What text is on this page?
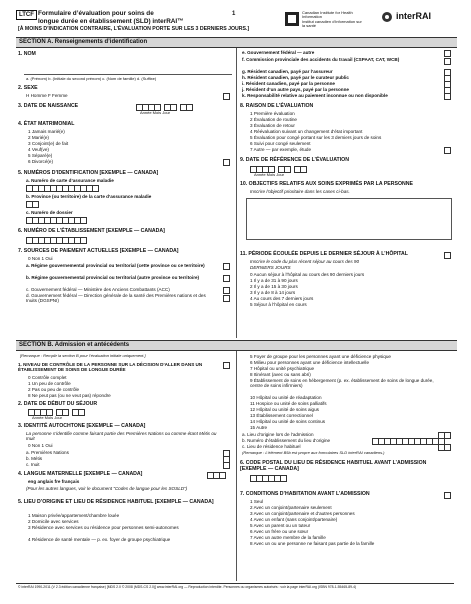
LTCF Formulaire d’évaluation pour soins de
longue durée en établissement (SLD) interRAI™
[À MOINS D’INDICATION CONTRAIRE, L’ÉVALUATION PORTE SUR LES 3 DERNIERS JOURS.]
1	Canadian Institute for Health Information
Institut canadien d’information sur la santé
interRAI
SECTION A. Renseignements d’identification
1. NOM
a. (Prénom) b. (Initiale du second prénom) c. (Nom de famille) d. (Suffixe)
2. SEXE
H Homme F Femme
3. DATE DE NAISSANCE
Année Mois Jour
4. ÉTAT MATRIMONIAL
1 Jamais marié(e)
2 Marié(e)
3 Conjoint(e) de fait
4 Veuf(ve)
5 Séparé(e)
6 Divorcé(e)
5. NUMÉROS D’IDENTIFICATION [EXEMPLE — CANADA]
a. Numéro de carte d’assurance maladie
b. Province (ou territoire) de la carte d’assurance maladie
c. Numéro de dossier
6. NUMÉRO DE L’ÉTABLISSEMENT [EXEMPLE — CANADA]
7. SOURCES DE PAIEMENT ACTUELLES [EXEMPLE — CANADA]
0 Non 1 Oui
a. Régime gouvernemental provincial ou territorial (cette province ou ce territoire)
b. Régime gouvernemental provincial ou territorial (autre province ou territoire)
c. Gouvernement fédéral — Ministère des Anciens Combattants (ACC)
d. Gouvernement fédéral — Direction générale de la santé des Premières nations et des Inuits (DGSPNI)
e. Gouvernement fédéral — autre
f. Commission provinciale des accidents du travail (CSPAAT, CAT, WCB)
g. Résident canadien, payé par l’assureur
h. Résident canadien, payé par le curateur public
i. Résident canadien, payé par la personne
j. Résident d’un autre pays, payé par la personne
k. Responsabilité relative au paiement inconnue ou non disponible
8. RAISON DE L’ÉVALUATION
1 Première évaluation
2 Évaluation de routine
3 Évaluation de retour
4 Réévaluation suivant un changement d’état important
5 Évaluation pour congé portant sur les 3 derniers jours de soins
6 Suivi pour congé seulement
7 Autre — par exemple, étude
9. DATE DE RÉFÉRENCE DE L’ÉVALUATION
Année Mois Jour
10. OBJECTIFS RELATIFS AUX SOINS EXPRIMÉS PAR LA PERSONNE
Inscrire l’objectif prioritaire dans les cases ci-bas.
11. PÉRIODE ÉCOULÉE DEPUIS LE DERNIER SÉJOUR À L’HÔPITAL
Inscrire le code du plus récent séjour au cours des 90
DERNIERS JOURS
0 Aucun séjour à l’hôpital au cours des 90 derniers jours
1 Il y a de 31 à 90 jours
2 Il y a de 15 à 30 jours
3 Il y a de 8 à 14 jours
4 Au cours des 7 derniers jours
5 Séjour à l’hôpital en cours
SECTION B. Admission et antécédents
[Remarque : Remplir la section B pour l’évaluation initiale uniquement.]
1. NIVEAU DE CONTRÔLE DE LA PERSONNE SUR LA DÉCISION D’ALLER DANS UN ÉTABLISSEMENT DE SOINS DE LONGUE DURÉE
0 Contrôle complet
1 Un peu de contrôle
2 Pas ou peu de contrôle
8 Ne peut pas (ou ne veut pas) répondre
2. DATE DE DÉBUT DU SÉJOUR
Année Mois Jour
3. IDENTITÉ AUTOCHTONE [EXEMPLE — CANADA]
La personne s’identifie comme faisant partie des Premières Nations ou comme étant Métis ou Inuit
0 Non 1 Oui
a. Premières Nations
b. Métis
c. Inuit
4. LANGUE MATERNELLE [EXEMPLE — CANADA]
eng anglais fre français
(Pour les autres langues, voir le document “Codes de langue pour les SOSLD”)
5. LIEU D’ORIGINE ET LIEU DE RÉSIDENCE HABITUEL [EXEMPLE — CANADA]
1 Maison privée/appartement/chambre louée
2 Domicile avec services
3 Résidence avec services ou résidence pour personnes semi-autonomes
4 Résidence de santé mentale — p. ex. foyer de groupe psychiatrique
5 Foyer de groupe pour les personnes ayant une déficience physique
6 Milieu pour personnes ayant une déficience intellectuelle
7 Hôpital ou unité psychiatrique
8 Itinérant (avec ou sans abri)
9 Établissement de soins en hébergement (p. ex. établissement de soins de longue durée, centre de soins infirmiers)
10 Hôpital ou unité de réadaptation
11 Hospice ou unité de soins palliatifs
12 Hôpital ou unité de soins aigus
13 Établissement correctionnel
14 Hôpital ou unité de soins continus
15 Autre
a. Lieu d’origine lors de l’admission
b. Numéro d’établissement du lieu d’origine
c. Lieu de résidence habituel
(Remarque : L’élément B5b est propre aux formulaires SLD interRAI canadiens.)
6. CODE POSTAL DU LIEU DE RÉSIDENCE HABITUEL AVANT L’ADMISSION [EXEMPLE — CANADA]
7. CONDITIONS D’HABITATION AVANT L’ADMISSION
1 Seul
2 Avec un conjoint/partenaire seulement
3 Avec un conjoint/partenaire et d’autres personnes
4 Avec un enfant (sans conjoint/partenaire)
5 Avec un parent ou un tuteur
6 Avec un frère ou une sœur
7 Avec un autre membre de la famille
8 Avec un ou une personne ne faisant pas partie de la famille
© interRAI 1990-2011 (V 2.3 édition canadienne française) [MDS 2.0 © 2008 (MDS-CS 2.0)] www.interRAI.org — Reproduction interdite. Personnes ou organismes autorisés : voir la page interRAI.org (ISBN 978-1-55465-89-4)
